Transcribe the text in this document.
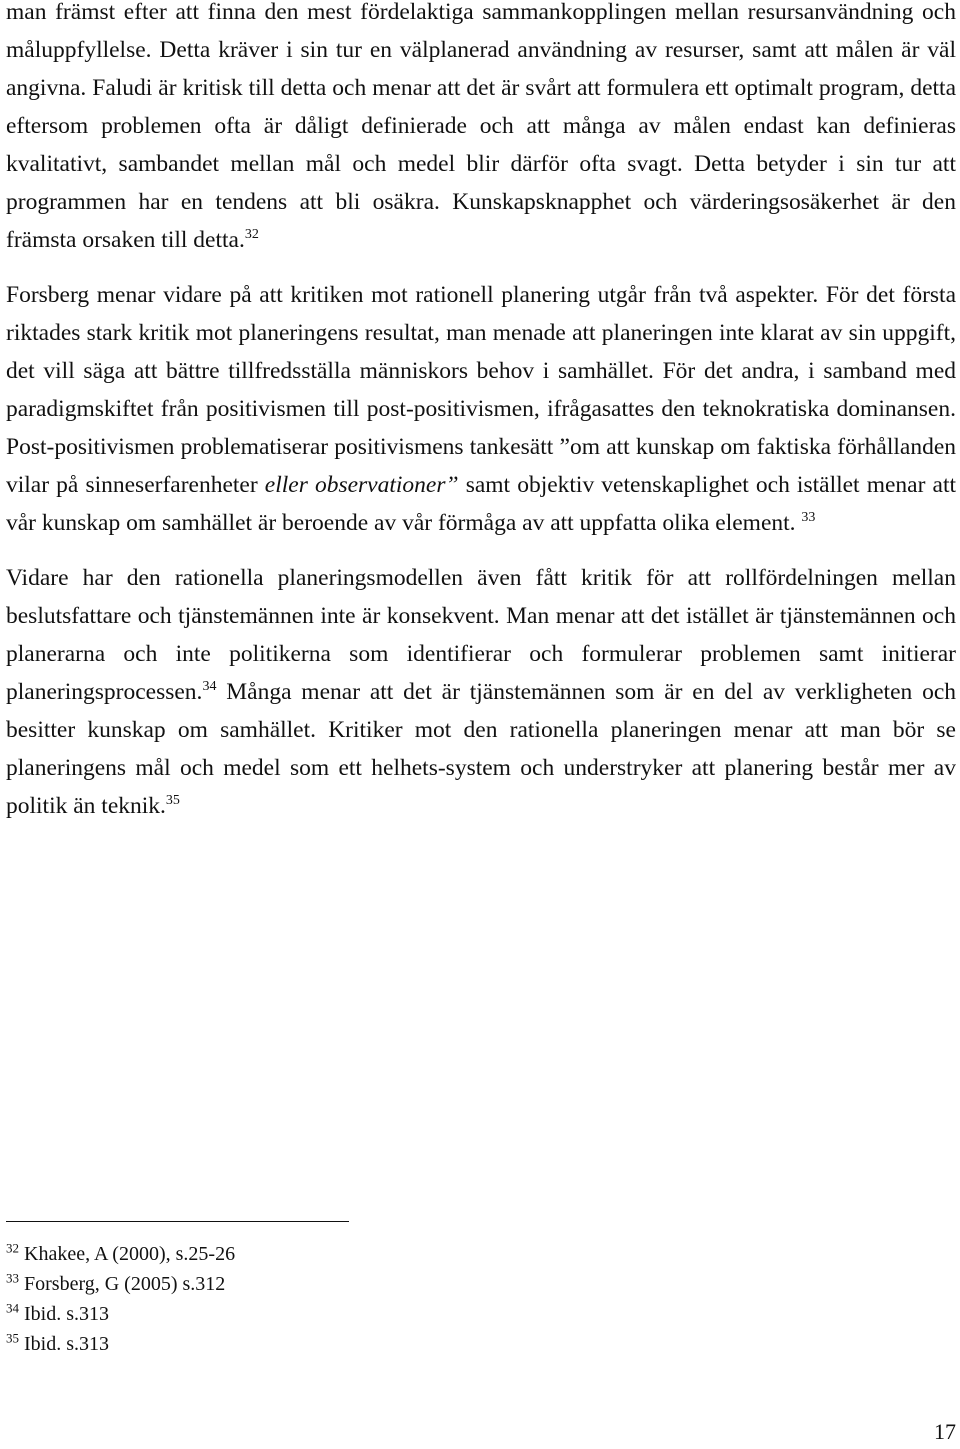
man främst efter att finna den mest fördelaktiga sammankopplingen mellan resursanvändning och måluppfyllelse. Detta kräver i sin tur en välplanerad användning av resurser, samt att målen är väl angivna. Faludi är kritisk till detta och menar att det är svårt att formulera ett optimalt program, detta eftersom problemen ofta är dåligt definierade och att många av målen endast kan definieras kvalitativt, sambandet mellan mål och medel blir därför ofta svagt. Detta betyder i sin tur att programmen har en tendens att bli osäkra. Kunskapsknapphet och värderingsosäkerhet är den främsta orsaken till detta.$^{32}$

Forsberg menar vidare på att kritiken mot rationell planering utgår från två aspekter. För det första riktades stark kritik mot planeringens resultat, man menade att planeringen inte klarat av sin uppgift, det vill säga att bättre tillfredsställa människors behov i samhället. För det andra, i samband med paradigmskiftet från positivismen till post-positivismen, ifrågasattes den teknokratiska dominansen. Post-positivismen problematiserar positivismens tankesätt ”om att kunskap om faktiska förhållanden vilar på sinneserfarenheter eller observationer” samt objektiv vetenskaplighet och istället menar att vår kunskap om samhället är beroende av vår förmåga av att uppfatta olika element. $^{33}$

Vidare har den rationella planeringsmodellen även fått kritik för att rollfördelningen mellan beslutsfattare och tjänstemännen inte är konsekvent. Man menar att det istället är tjänstemännen och planerarna och inte politikerna som identifierar och formulerar problemen samt initierar planeringsprocessen.$^{34}$ Många menar att det är tjänstemännen som är en del av verkligheten och besitter kunskap om samhället. Kritiker mot den rationella planeringen menar att man bör se planeringens mål och medel som ett helhets-system och understryker att planering består mer av politik än teknik.$^{35}$

$^{32}$ Khakee, A (2000), s.25-26

$^{33}$ Forsberg, G (2005) s.312

$^{34}$ Ibid. s.313

$^{35}$ Ibid. s.313

17
